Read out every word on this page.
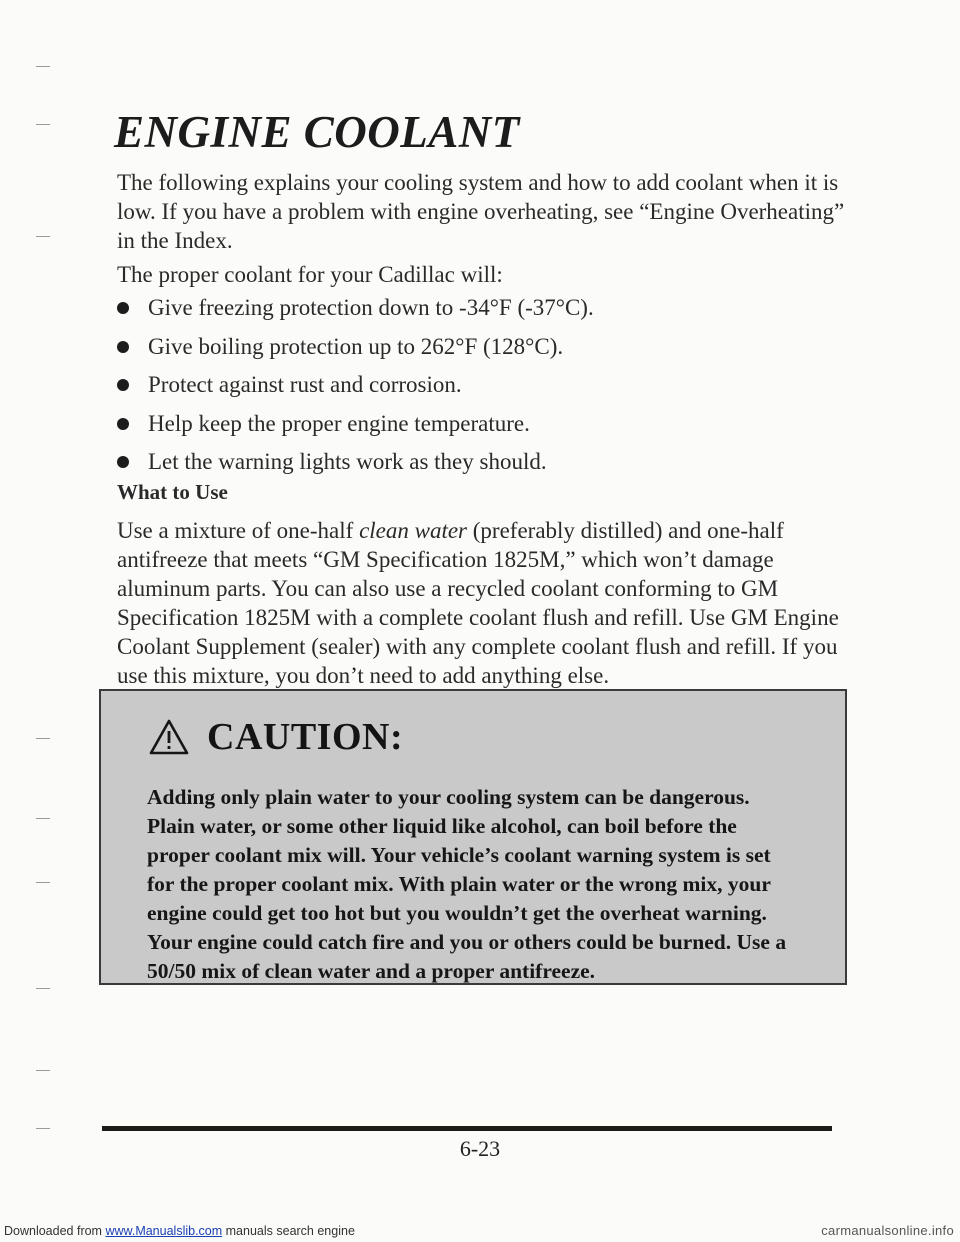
ENGINE COOLANT
The following explains your cooling system and how to add coolant when it is low. If you have a problem with engine overheating, see “Engine Overheating” in the Index.
The proper coolant for your Cadillac will:
Give freezing protection down to -34°F (-37°C).
Give boiling protection up to 262°F (128°C).
Protect against rust and corrosion.
Help keep the proper engine temperature.
Let the warning lights work as they should.
What to Use
Use a mixture of one-half clean water (preferably distilled) and one-half antifreeze that meets “GM Specification 1825M,” which won’t damage aluminum parts. You can also use a recycled coolant conforming to GM Specification 1825M with a complete coolant flush and refill. Use GM Engine Coolant Supplement (sealer) with any complete coolant flush and refill. If you use this mixture, you don’t need to add anything else.
CAUTION:
Adding only plain water to your cooling system can be dangerous. Plain water, or some other liquid like alcohol, can boil before the proper coolant mix will. Your vehicle’s coolant warning system is set for the proper coolant mix. With plain water or the wrong mix, your engine could get too hot but you wouldn’t get the overheat warning. Your engine could catch fire and you or others could be burned. Use a 50/50 mix of clean water and a proper antifreeze.
6-23
Downloaded from www.Manualslib.com manuals search engine	carmanualsonline.info
